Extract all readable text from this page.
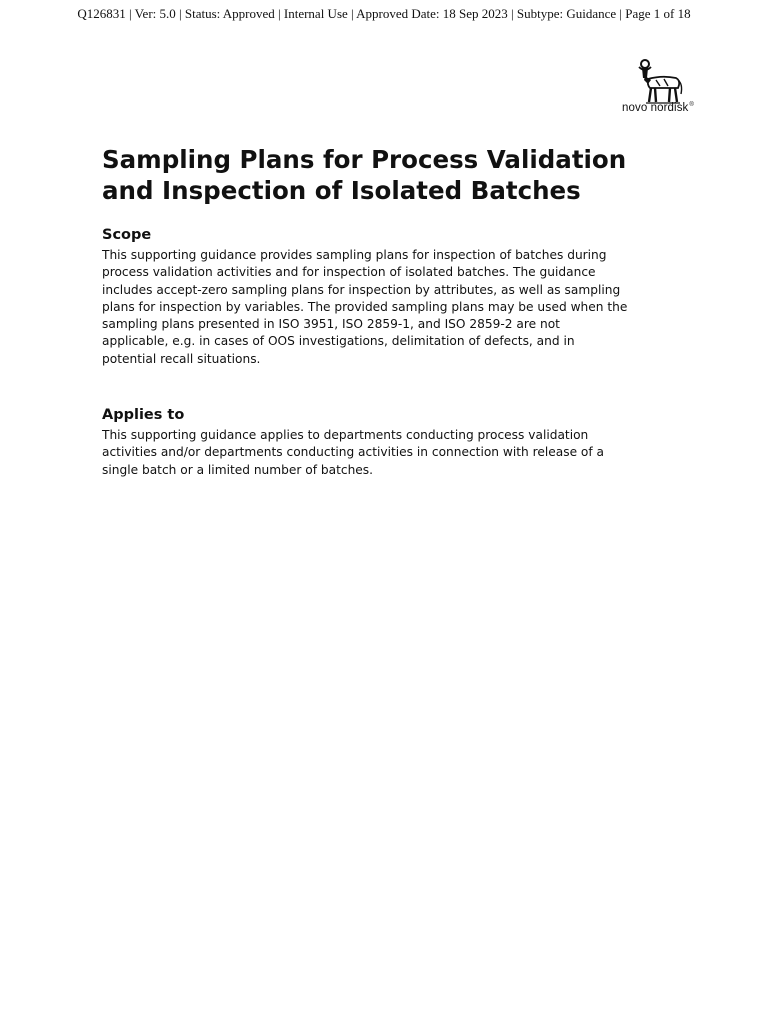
Q126831 | Ver: 5.0 | Status: Approved | Internal Use | Approved Date: 18 Sep 2023 | Subtype: Guidance | Page 1 of 18
novo nordisk®
Sampling Plans for Process Validation
and Inspection of Isolated Batches
Scope

This supporting guidance provides sampling plans for inspection of batches during
process validation activities and for inspection of isolated batches. The guidance
includes accept-zero sampling plans for inspection by attributes, as well as sampling
plans for inspection by variables. The provided sampling plans may be used when the
sampling plans presented in ISO 3951, ISO 2859-1, and ISO 2859-2 are not
applicable, e.g. in cases of OOS investigations, delimitation of defects, and in
potential recall situations.

Applies to

This supporting guidance applies to departments conducting process validation
activities and/or departments conducting activities in connection with release of a
single batch or a limited number of batches.
